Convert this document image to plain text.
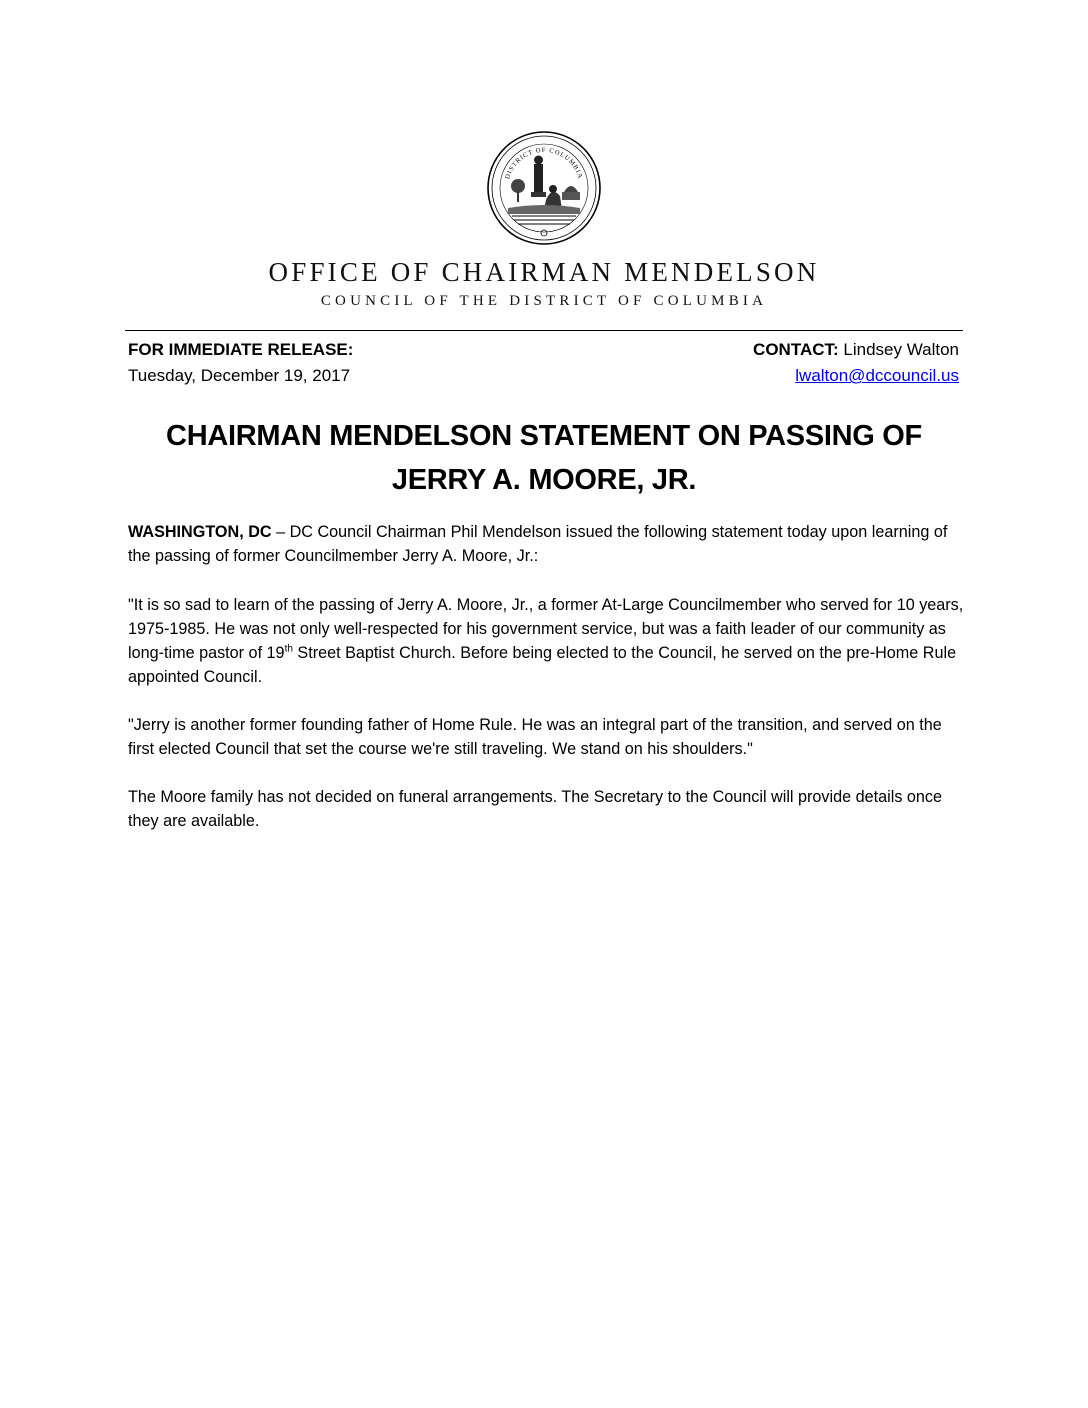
DISTRICT OF COLUMBIA
OFFICE OF CHAIRMAN MENDELSON
COUNCIL OF THE DISTRICT OF COLUMBIA
FOR IMMEDIATE RELEASE:
Tuesday, December 19, 2017
CONTACT: Lindsey Walton
lwalton@dccouncil.us
CHAIRMAN MENDELSON STATEMENT ON PASSING OF
JERRY A. MOORE, JR.

WASHINGTON, DC – DC Council Chairman Phil Mendelson issued the following statement today upon learning of the passing of former Councilmember Jerry A. Moore, Jr.:

"It is so sad to learn of the passing of Jerry A. Moore, Jr., a former At-Large Councilmember who served for 10 years, 1975-1985. He was not only well-respected for his government service, but was a faith leader of our community as long-time pastor of 19th Street Baptist Church. Before being elected to the Council, he served on the pre-Home Rule appointed Council.

"Jerry is another former founding father of Home Rule. He was an integral part of the transition, and served on the first elected Council that set the course we're still traveling. We stand on his shoulders."

The Moore family has not decided on funeral arrangements. The Secretary to the Council will provide details once they are available.
